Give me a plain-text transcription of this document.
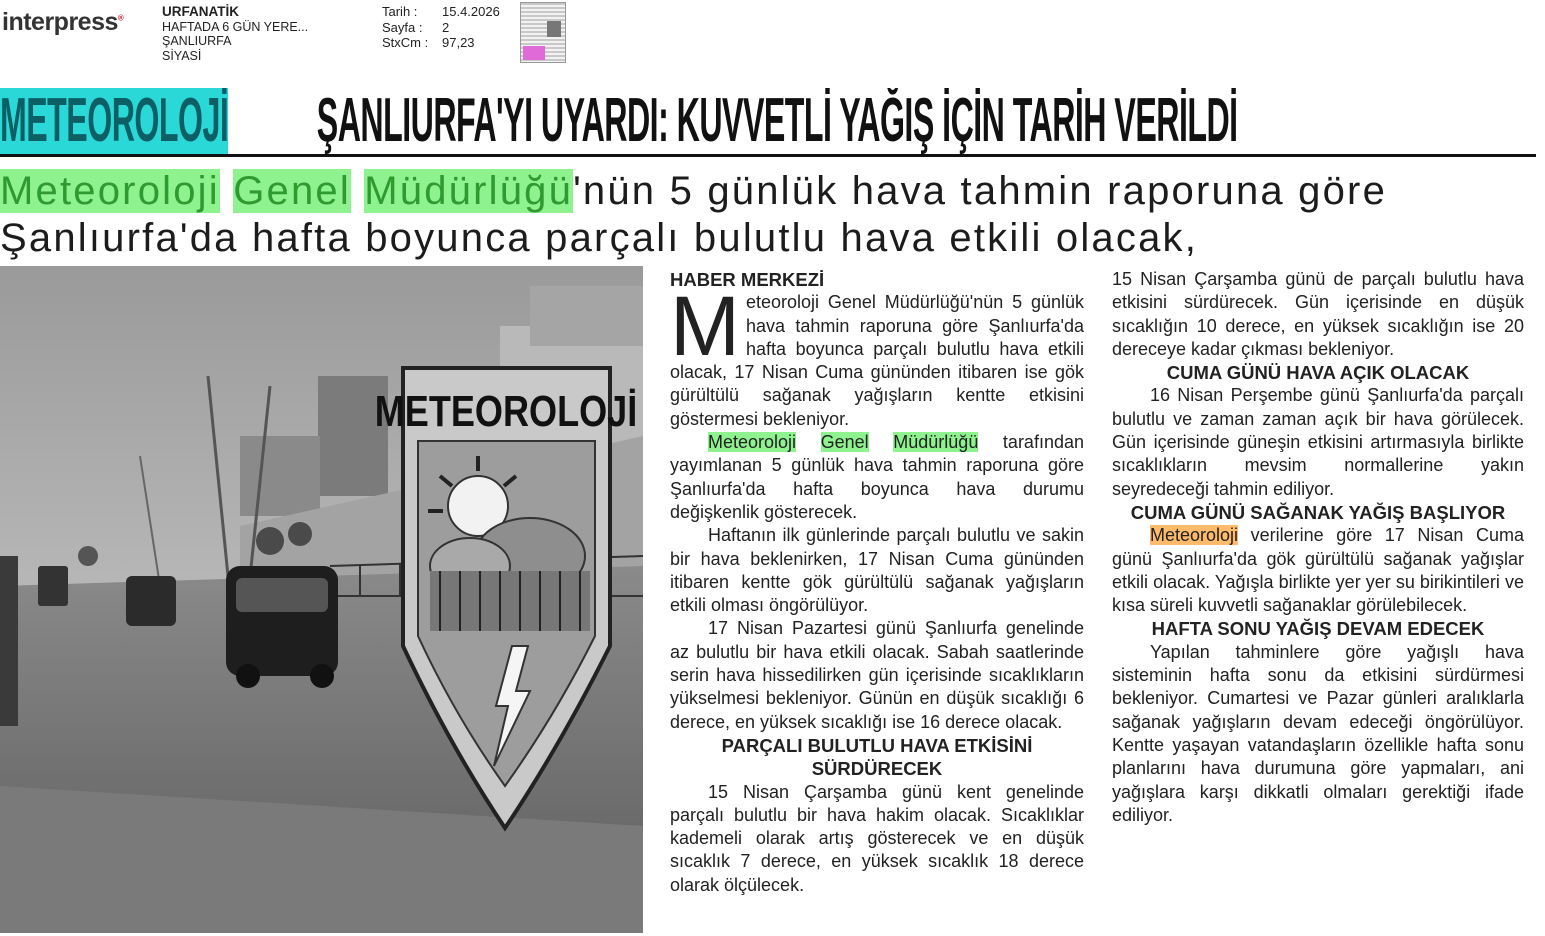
interpress®	URFANATİK
HAFTADA 6 GÜN YERE...
ŞANLIURFA
SİYASİ
Tarih :	15.4.2026
Sayfa :	2
StxCm :	97,23
METEOROLOJİŞANLIURFA'YI UYARDI: KUVVETLİ YAĞIŞ İÇİN TARİH VERİLDİ
Meteoroloji Genel Müdürlüğü'nün 5 günlük hava tahmin raporuna göre Şanlıurfa'da hafta boyunca parçalı bulutlu hava etkili olacak,
METEOROLOJİ
HABER MERKEZİ

Meteoroloji Genel Müdürlüğü'nün 5 günlük hava tahmin raporuna göre Şanlıurfa'da hafta boyunca parçalı bulutlu hava etkili olacak, 17 Nisan Cuma gününden itibaren ise gök gürültülü sağanak yağışların kentte etkisini göstermesi bekleniyor.

Meteoroloji Genel Müdürlüğü tarafından yayımlanan 5 günlük hava tahmin raporuna göre Şanlıurfa'da hafta boyunca hava durumu değişkenlik gösterecek.

Haftanın ilk günlerinde parçalı bulutlu ve sakin bir hava beklenirken, 17 Nisan Cuma gününden itibaren kentte gök gürültülü sağanak yağışların etkili olması öngörülüyor.

17 Nisan Pazartesi günü Şanlıurfa genelinde az bulutlu bir hava etkili olacak. Sabah saatlerinde serin hava hissedilirken gün içerisinde sıcaklıkların yükselmesi bekleniyor. Günün en düşük sıcaklığı 6 derece, en yüksek sıcaklığı ise 16 derece olacak.

PARÇALI BULUTLU HAVA ETKİSİNİ SÜRDÜRECEK

15 Nisan Çarşamba günü kent genelinde parçalı bulutlu bir hava hakim olacak. Sıcaklıklar kademeli olarak artış gösterecek ve en düşük sıcaklık 7 derece, en yüksek sıcaklık 18 derece olarak ölçülecek.

15 Nisan Çarşamba günü de parçalı bulutlu hava etkisini sürdürecek. Gün içerisinde en düşük sıcaklığın 10 derece, en yüksek sıcaklığın ise 20 dereceye kadar çıkması bekleniyor.

CUMA GÜNÜ HAVA AÇIK OLACAK

16 Nisan Perşembe günü Şanlıurfa'da parçalı bulutlu ve zaman zaman açık bir hava görülecek. Gün içerisinde güneşin etkisini artırmasıyla birlikte sıcaklıkların mevsim normallerine yakın seyredeceği tahmin ediliyor.

CUMA GÜNÜ SAĞANAK YAĞIŞ BAŞLIYOR

Meteoroloji verilerine göre 17 Nisan Cuma günü Şanlıurfa'da gök gürültülü sağanak yağışlar etkili olacak. Yağışla birlikte yer yer su birikintileri ve kısa süreli kuvvetli sağanaklar görülebilecek.

HAFTA SONU YAĞIŞ DEVAM EDECEK

Yapılan tahminlere göre yağışlı hava sisteminin hafta sonu da etkisini sürdürmesi bekleniyor. Cumartesi ve Pazar günleri aralıklarla sağanak yağışların devam edeceği öngörülüyor. Kentte yaşayan vatandaşların özellikle hafta sonu planlarını hava durumuna göre yapmaları, ani yağışlara karşı dikkatli olmaları gerektiği ifade ediliyor.
